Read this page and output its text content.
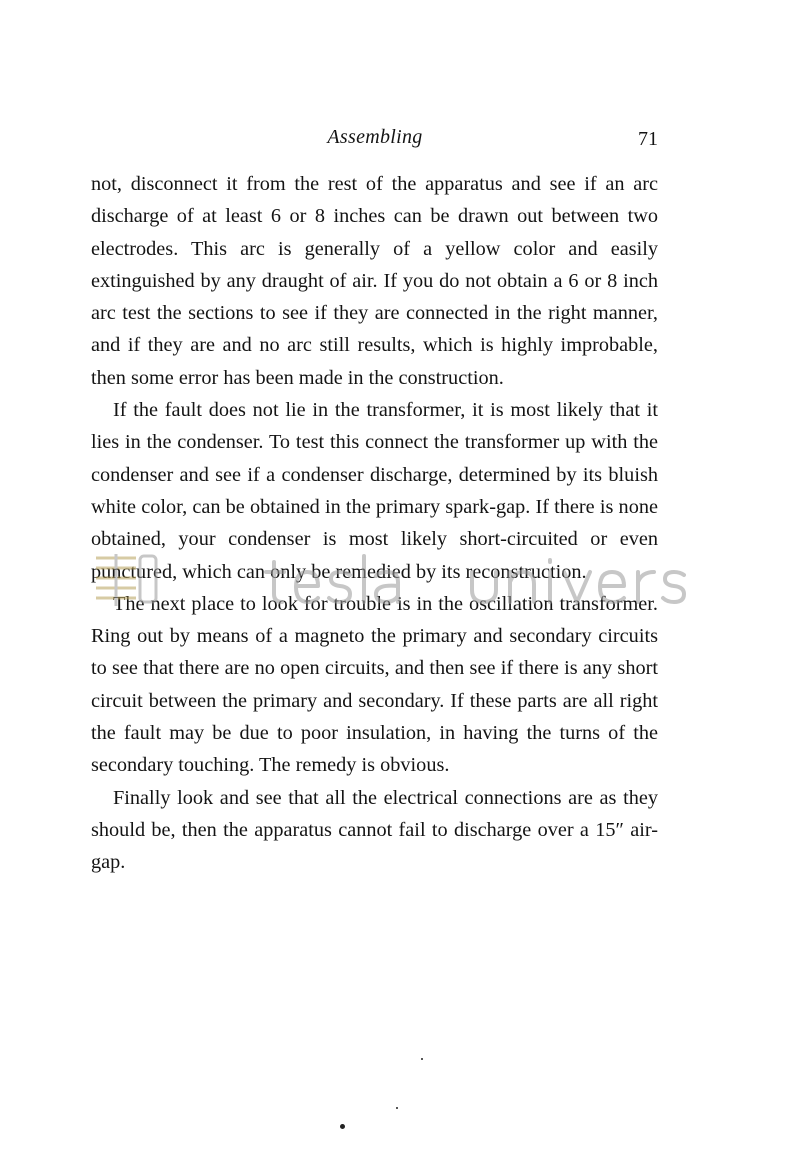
Assembling	71

not, disconnect it from the rest of the apparatus and see if an arc discharge of at least 6 or 8 inches can be drawn out between two electrodes. This arc is generally of a yellow color and easily extinguished by any draught of air. If you do not obtain a 6 or 8 inch arc test the sections to see if they are connected in the right manner, and if they are and no arc still results, which is highly improbable, then some error has been made in the construction.

If the fault does not lie in the transformer, it is most likely that it lies in the condenser. To test this connect the transformer up with the condenser and see if a condenser discharge, determined by its bluish white color, can be obtained in the primary spark-gap. If there is none obtained, your condenser is most likely short-circuited or even punctured, which can only be remedied by its reconstruction.

The next place to look for trouble is in the oscillation transformer. Ring out by means of a magneto the primary and secondary circuits to see that there are no open circuits, and then see if there is any short circuit between the primary and secondary. If these parts are all right the fault may be due to poor insulation, in having the turns of the secondary touching. The remedy is obvious.

Finally look and see that all the electrical connections are as they should be, then the apparatus cannot fail to discharge over a 15″ air-gap.
